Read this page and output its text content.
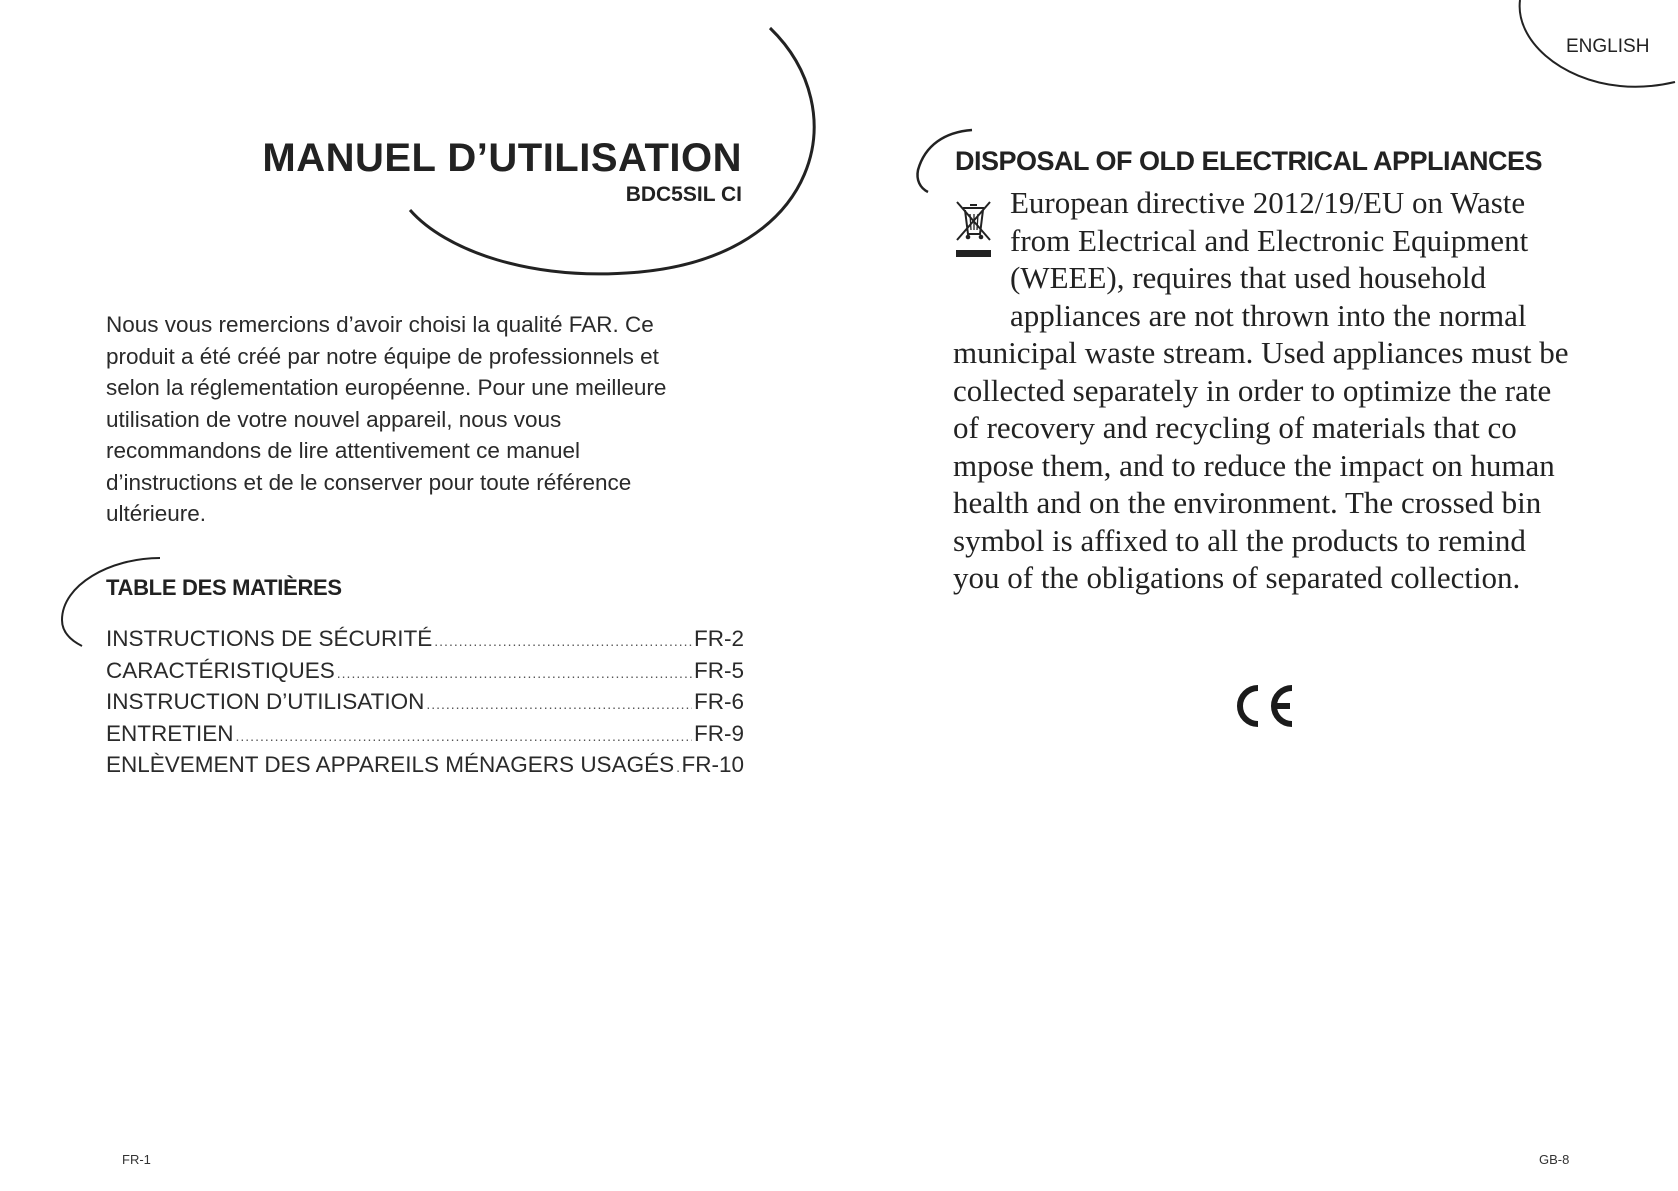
MANUEL D’UTILISATION

BDC5SIL CI

Nous vous remercions d’avoir choisi la qualité FAR. Ce produit a été créé par notre équipe de professionnels et selon la réglementation européenne. Pour une meilleure utilisation de votre nouvel appareil, nous vous recommandons de lire attentivement ce manuel d’instructions et de le conserver pour toute référence ultérieure.

TABLE DES MATIÈRES
INSTRUCTIONS DE SÉCURITÉ .....	FR-2
CARACTÉRISTIQUES .....	FR-5
INSTRUCTION D’UTILISATION .....	FR-6
ENTRETIEN .....	FR-9
ENLÈVEMENT DES APPAREILS MÉNAGERS USAGÉS ..... FR-10

FR-1

ENGLISH

DISPOSAL OF OLD ELECTRICAL APPLIANCES
European directive 2012/19/EU on Waste
from Electrical and Electronic Equipment
(WEEE), requires that used household
appliances are not thrown into the normal
municipal waste stream. Used appliances must be
collected separately in order to optimize the rate
of recovery and recycling of materials that co
mpose them, and to reduce the impact on human
health and on the environment. The crossed bin
symbol is affixed to all the products to remind
you of the obligations of separated collection.

GB-8
